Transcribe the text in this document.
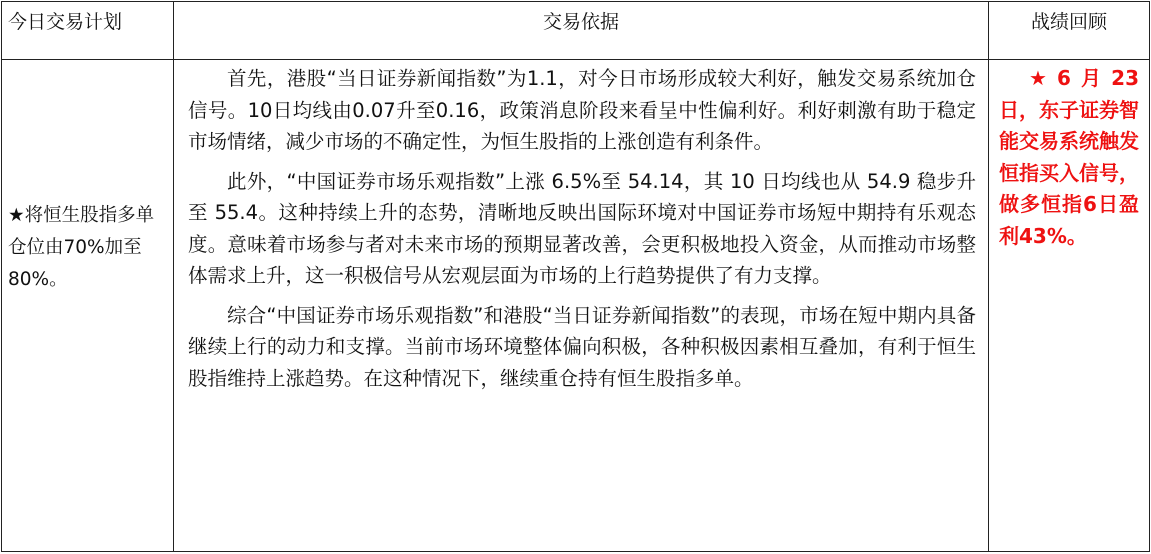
今日交易计划	交易依据	战绩回顾
★将恒生股指多单仓位由70%加至80%。	首先，港股“当日证券新闻指数”为1.1，对今日市场形成较大利好，触发交易系统加仓信号。10日均线由0.07升至0.16，政策消息阶段来看呈中性偏利好。利好刺激有助于稳定市场情绪，减少市场的不确定性，为恒生股指的上涨创造有利条件。

此外，“中国证券市场乐观指数”上涨 6.5%至 54.14，其 10 日均线也从 54.9 稳步升至 55.4。这种持续上升的态势，清晰地反映出国际环境对中国证券市场短中期持有乐观态度。意味着市场参与者对未来市场的预期显著改善，会更积极地投入资金，从而推动市场整体需求上升，这一积极信号从宏观层面为市场的上行趋势提供了有力支撑。

综合“中国证券市场乐观指数”和港股“当日证券新闻指数”的表现，市场在短中期内具备继续上行的动力和支撑。当前市场环境整体偏向积极，各种积极因素相互叠加，有利于恒生股指维持上涨趋势。在这种情况下，继续重仓持有恒生股指多单。	★6月23日，东子证券智能交易系统触发恒指买入信号，做多恒指6日盈利43%。
